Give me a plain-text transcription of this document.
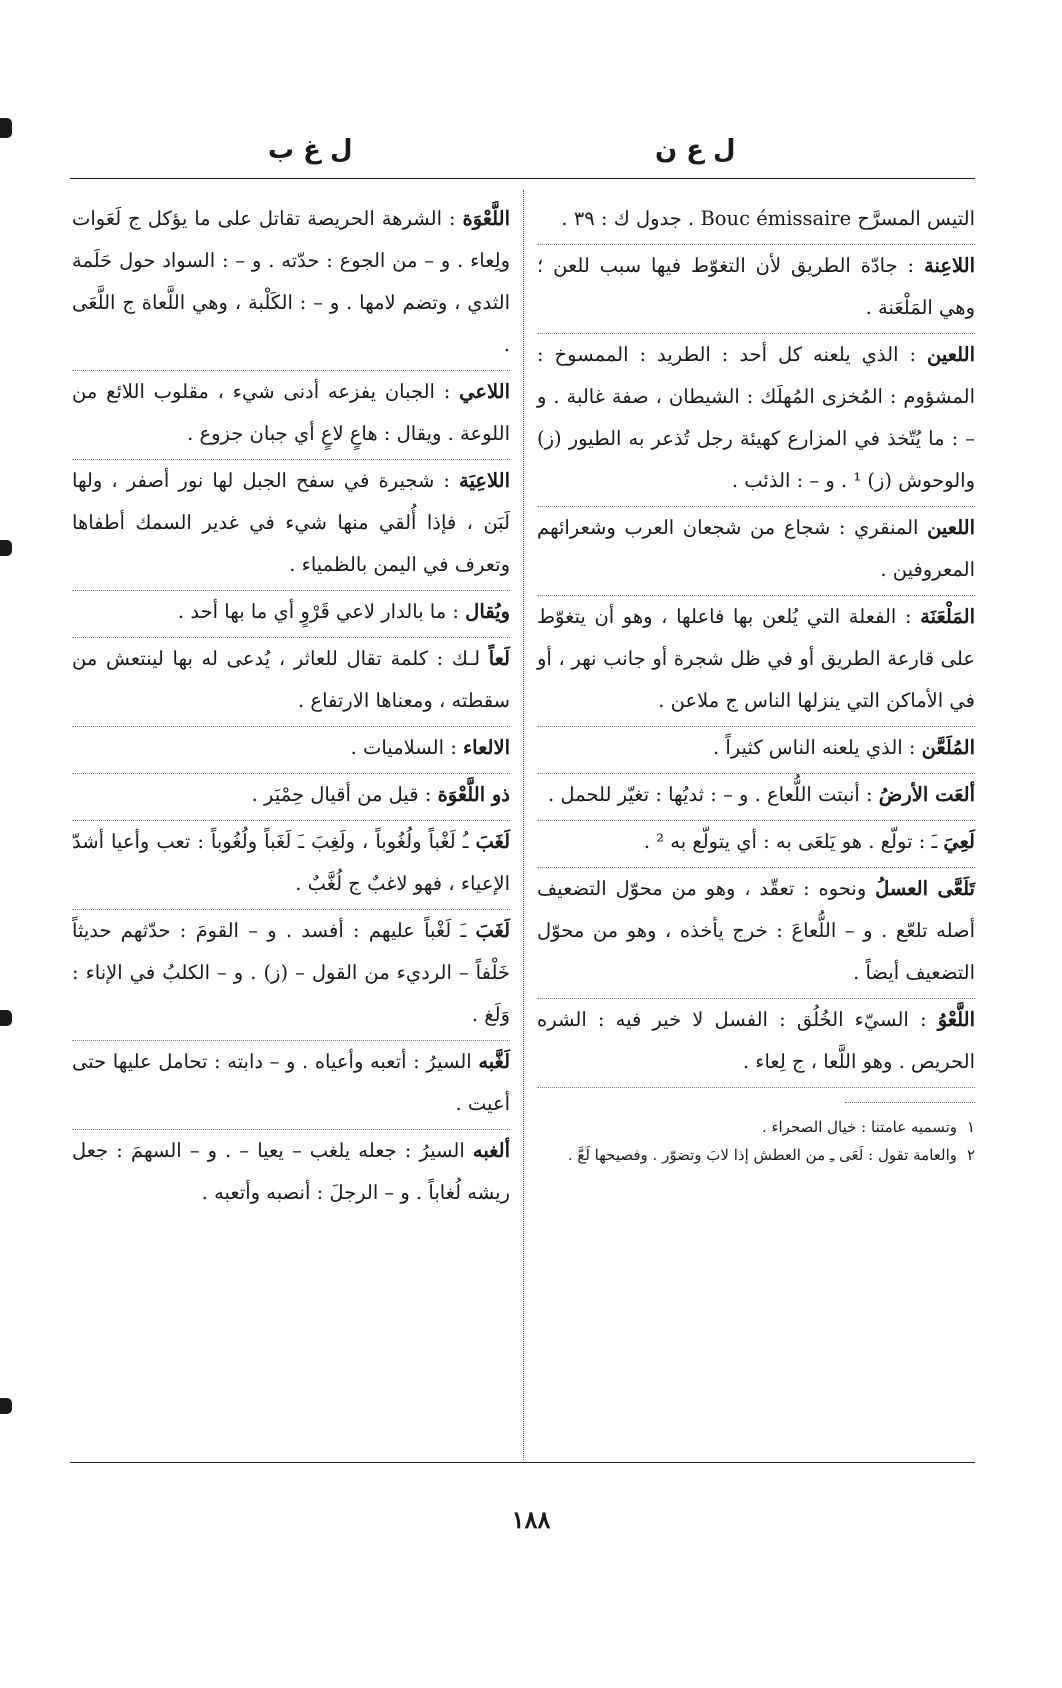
ل غ ب	ل ع ن

اللَّعْوَة : الشرهة الحريصة تقاتل على ما يؤكل ج لَعَوات ولِعاء . و – من الجوع : حدّته . و – : السواد حول حَلَمة الثدي ، وتضم لامها . و – : الكَلْبة ، وهي اللَّعاة ج اللَّعَى .

اللاعي : الجبان يفزعه أدنى شيء ، مقلوب اللائع من اللوعة . ويقال : هاعٍ لاعٍ أي جبان جزوع .

اللاعِيَة : شجيرة في سفح الجبل لها نور أصفر ، ولها لَبَن ، فإذا أُلقي منها شيء في غدير السمك أطفاها وتعرف في اليمن بالظمياء .

ويُقال : ما بالدار لاعي قَرْوٍ أي ما بها أحد .

لَعاً لـك : كلمة تقال للعاثر ، يُدعى له بها لينتعش من سقطته ، ومعناها الارتفاع .

الالعاء : السلاميات .

ذو اللَّعْوَة : قيل من أقيال حِمْيَر .

لَغَبَ ـُ لَغْباً ولُغُوباً ، ولَغِبَ ـَ لَغَباً ولُغُوباً : تعب وأعيا أشدّ الإعياء ، فهو لاغبٌ ج لُغَّبٌ .

لَغَبَ ـَ لَغْباً عليهم : أفسد . و – القومَ : حدّثهم حديثاً خَلْفاً – الرديء من القول – (ز) . و – الكلبُ في الإناء : وَلَغ .

لَغَّبه السيرُ : أتعبه وأعياه . و – دابته : تحامل عليها حتى أعيت .

ألغبه السيرُ : جعله يلغب – يعيا – . و – السهمَ : جعل ريشه لُغاباً . و – الرجلَ : أنصبه وأتعبه .

التيس المسرَّح Bouc émissaire . جدول ك : ٣٩ .

اللاعِنة : جادّة الطريق لأن التغوّط فيها سبب للعن ؛ وهي المَلْعَنة .

اللعين : الذي يلعنه كل أحد : الطريد : الممسوخ : المشؤوم : المُخزى المُهلَك : الشيطان ، صفة غالبة . و – : ما يُتّخذ في المزارع كهيئة رجل تُذعر به الطيور (ز) والوحوش (ز) ¹ . و – : الذئب .

اللعين المنقري : شجاع من شجعان العرب وشعرائهم المعروفين .

المَلْعَنَة : الفعلة التي يُلعن بها فاعلها ، وهو أن يتغوّط على قارعة الطريق أو في ظل شجرة أو جانب نهر ، أو في الأماكن التي ينزلها الناس ج ملاعن .

المُلَعَّن : الذي يلعنه الناس كثيراً .

ألعَت الأرضُ : أنبتت اللُّعاع . و – : ثديُها : تغيّر للحمل .

لَعِيَ ـَ : تولّع . هو يَلعَى به : أي يتولّع به ² .

تَلَعَّى العسلُ ونحوه : تعقّد ، وهو من محوّل التضعيف أصله تلعّع . و – اللُّعاعَ : خرج يأخذه ، وهو من محوّل التضعيف أيضاً .

اللَّعْوُ : السيّء الخُلُق : الفسل لا خير فيه : الشره الحريص . وهو اللَّعا ، ج لِعاء .

١
وتسميه عامتنا : خيال الصحراء .

٢
والعامة تقول : لَعَى ـِ من العطش إذا لابَ وتضوّر . وفصيحها لَعَّ .

١٨٨
